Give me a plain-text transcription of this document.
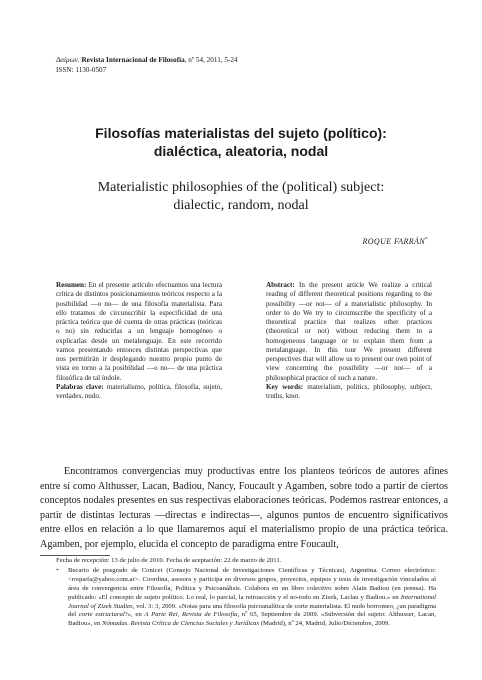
Δαίμων. Revista Internacional de Filosofía, nº 54, 2011, 5-24
ISSN: 1130-0507
Filosofías materialistas del sujeto (político):
dialéctica, aleatoria, nodal
Materialistic philosophies of the (political) subject:
dialectic, random, nodal
ROQUE FARRÁN*

Resumen: En el presente artículo efectuamos una lectura crítica de distintos posicionamientos teóricos respecto a la posibilidad —o no— de una filosofía materialista. Para ello tratamos de circunscribir la especificidad de una práctica teórica que dé cuenta de otras prácticas (teóricas o no) sin reducirlas a un lenguaje homogéneo o explicarlas desde un metalenguaje. En este recorrido vamos presentando entonces distintas perspectivas que nos permitirán ir desplegando nuestro propio punto de vista en torno a la posibilidad —o no— de una práctica filosófica de tal índole.

Palabras clave: materialismo, política, filosofía, sujeto, verdades, nudo.

Abstract: In the present article We realize a critical reading of different theoretical positions regarding to the possibility —or not— of a materialistic philosophy. In order to do We try to circumscribe the specificity of a theoretical practice that realizes other practices (theoretical or not) without reducing them to a homogeneous language or to explain them from a metalanguage. In this tour We present different perspectives that will allow us to present our own point of view concerning the possibility —or not— of a philosophical practice of such a nature.

Key words: materialism, politics, philosophy, subject, truths, knot.

Encontramos convergencias muy productivas entre los planteos teóricos de autores afines entre sí como Althusser, Lacan, Badiou, Nancy, Foucault y Agamben, sobre todo a partir de ciertos conceptos nodales presentes en sus respectivas elaboraciones teóricas. Podemos rastrear entonces, a partir de distintas lecturas —directas e indirectas—, algunos puntos de encuentro significativos entre ellos en relación a lo que llamaremos aquí el materialismo propio de una práctica teórica. Agamben, por ejemplo, elucida el concepto de paradigma entre Foucault,

Fecha de recepción: 13 de julio de 2010. Fecha de aceptación: 22 de marzo de 2011.
* Becario de posgrado de Conicet (Consejo Nacional de Investigaciones Científicas y Técnicas), Argentina. Correo electrónico: <roquefa@yahoo.com.ar>. Coordina, asesora y participa en diversos grupos, proyectos, equipos y tesis de investigación vinculados al área de convergencia entre Filosofía, Política y Psicoanálisis. Colabora en un libro colectivo sobre Alain Badiou (en prensa). Ha publicado: «El concepto de sujeto político. Lo real, lo parcial, la retroacción y el no-todo en Zizek, Laclau y Badiou.» en International Journal of Zizek Studies, vol. 3: 3, 2009. «Notas para una filosofía psicoanalítica de corte materialista. El nudo borromeo, ¿un paradigma del corte estructural?», en A Parte Rei, Revista de Filosofía, nº 65, Septiembre de 2009. «Subversión del sujeto: Althusser, Lacan, Badiou», en Nómadas. Revista Crítica de Ciencias Sociales y Jurídicas (Madrid), nº 24, Madrid, Julio/Diciembre, 2009.
